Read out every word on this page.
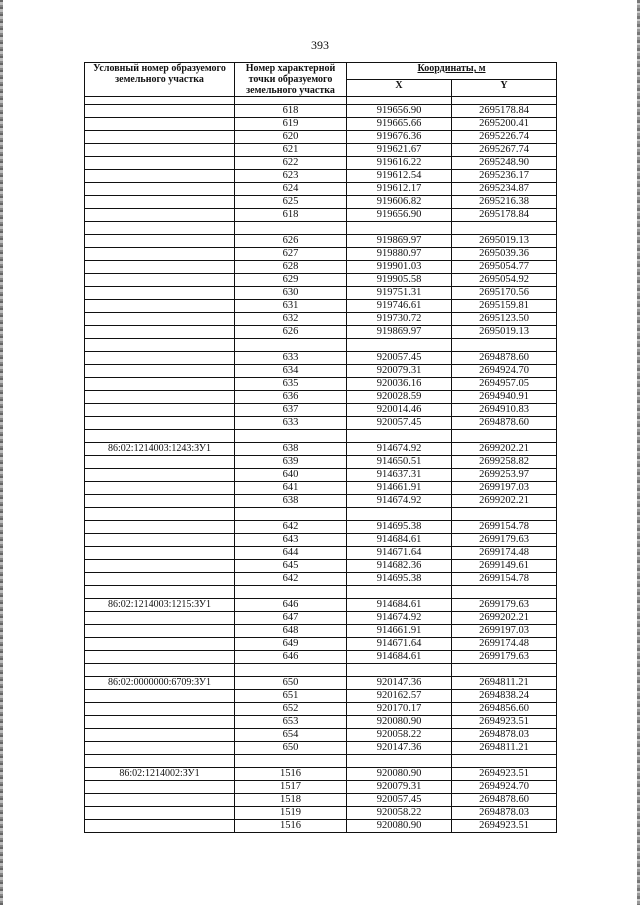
393
Условный номер образуемого земельного участка	Номер характерной точки образуемого земельного участка	Координаты, м	
		X	Y

	618	919656.90	2695178.84
	619	919665.66	2695200.41
	620	919676.36	2695226.74
	621	919621.67	2695267.74
	622	919616.22	2695248.90
	623	919612.54	2695236.17
	624	919612.17	2695234.87
	625	919606.82	2695216.38
	618	919656.90	2695178.84

	626	919869.97	2695019.13
	627	919880.97	2695039.36
	628	919901.03	2695054.77
	629	919905.58	2695054.92
	630	919751.31	2695170.56
	631	919746.61	2695159.81
	632	919730.72	2695123.50
	626	919869.97	2695019.13

	633	920057.45	2694878.60
	634	920079.31	2694924.70
	635	920036.16	2694957.05
	636	920028.59	2694940.91
	637	920014.46	2694910.83
	633	920057.45	2694878.60

86:02:1214003:1243:ЗУ1	638	914674.92	2699202.21
	639	914650.51	2699258.82
	640	914637.31	2699253.97
	641	914661.91	2699197.03
	638	914674.92	2699202.21

	642	914695.38	2699154.78
	643	914684.61	2699179.63
	644	914671.64	2699174.48
	645	914682.36	2699149.61
	642	914695.38	2699154.78

86:02:1214003:1215:ЗУ1	646	914684.61	2699179.63
	647	914674.92	2699202.21
	648	914661.91	2699197.03
	649	914671.64	2699174.48
	646	914684.61	2699179.63

86:02:0000000:6709:ЗУ1	650	920147.36	2694811.21
	651	920162.57	2694838.24
	652	920170.17	2694856.60
	653	920080.90	2694923.51
	654	920058.22	2694878.03
	650	920147.36	2694811.21

86:02:1214002:ЗУ1	1516	920080.90	2694923.51
	1517	920079.31	2694924.70
	1518	920057.45	2694878.60
	1519	920058.22	2694878.03
	1516	920080.90	2694923.51
